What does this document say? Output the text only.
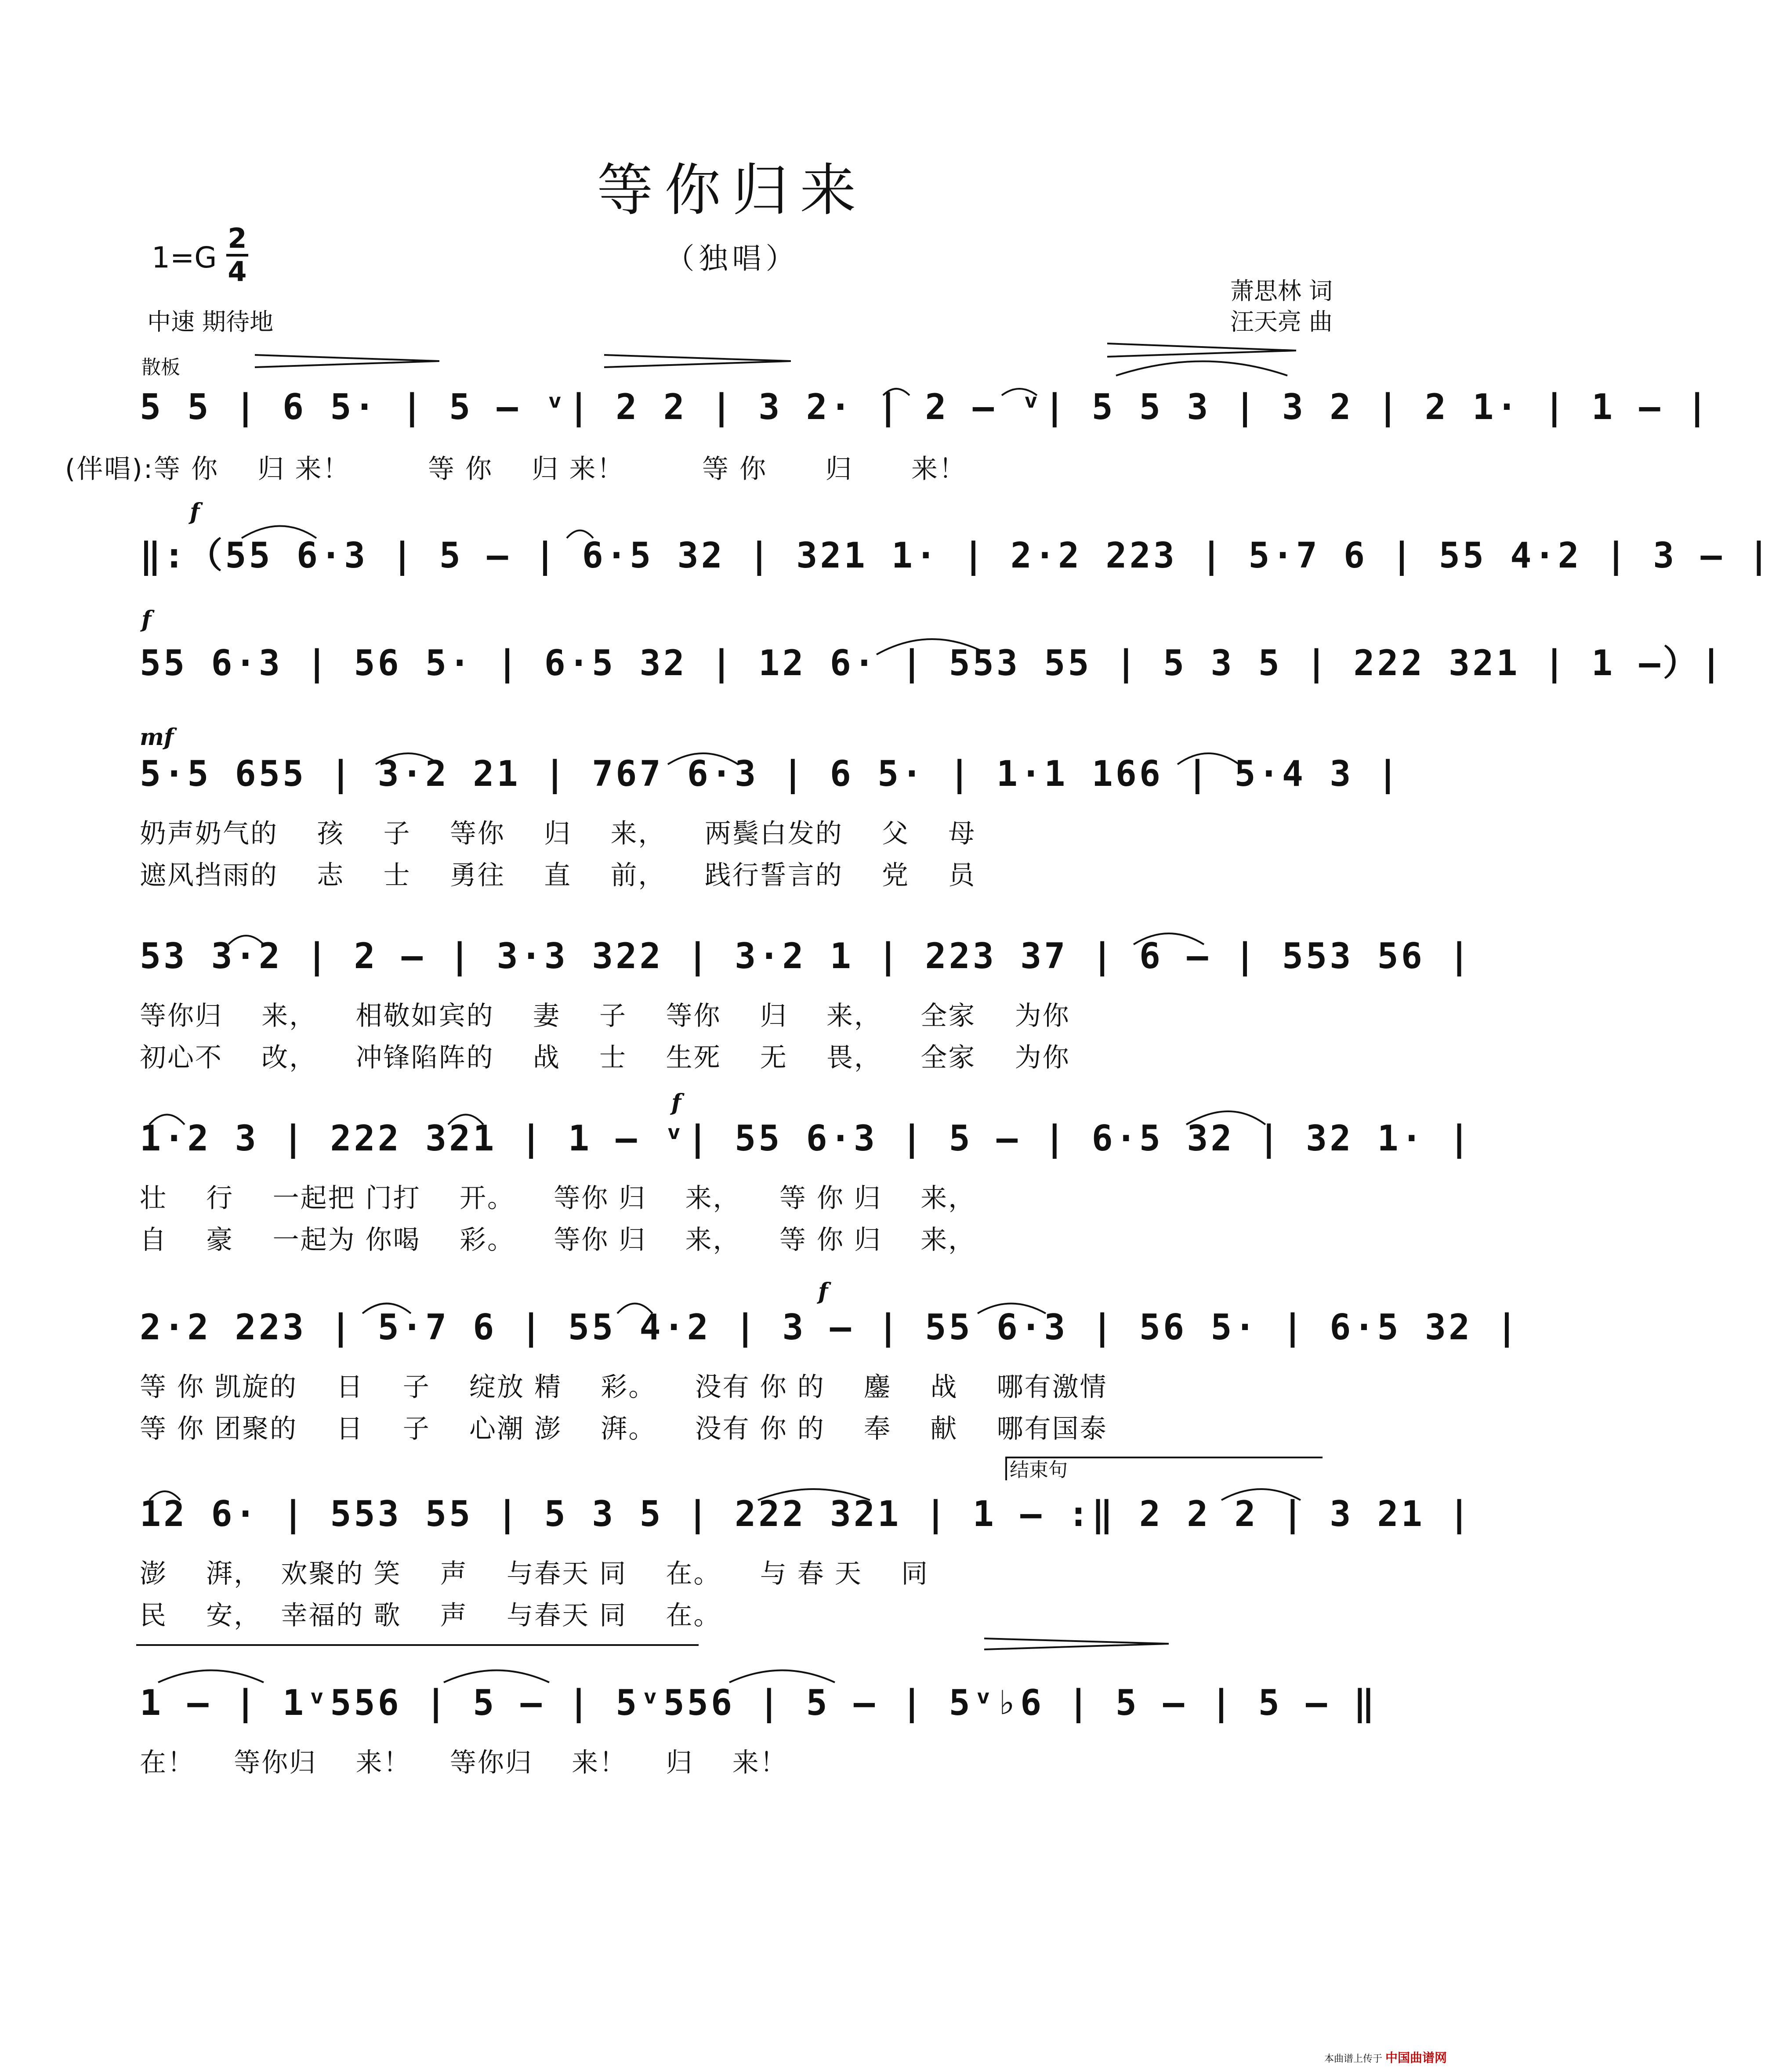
等你归来
（独唱）
1=G
2
4
中速 期待地
萧思林 词
汪天亮 曲
散板
结束句
f
f
mf
f
f
5 5 | 6 5· | 5 – ᵛ| 2 2 | 3 2· | 2 – ᵛ| 5 5 3 | 3 2 | 2 1· | 1 – |
(伴唱):等 你    归 来！        等 你    归 来！        等 你      归      来！
‖:（55 6·3 | 5 – | 6·5 32 | 321 1· | 2·2 223 | 5·7 6 | 55 4·2 | 3 – |
55 6·3 | 56 5· | 6·5 32 | 12 6· | 553 55 | 5 3 5 | 222 321 | 1 –）|
5·5 655 | 3·2 21 | 767 6·3 | 6 5· | 1·1 166 | 5·4 3 |
奶声奶气的    孩    子    等你    归    来，    两鬓白发的    父    母
遮风挡雨的    志    士    勇往    直    前，    践行誓言的    党    员
53 3·2 | 2 – | 3·3 322 | 3·2 1 | 223 37 | 6 – | 553 56 |
等你归    来，    相敬如宾的    妻    子    等你    归    来，    全家    为你
初心不    改，    冲锋陷阵的    战    士    生死    无    畏，    全家    为你
1·2 3 | 222 321 | 1 – ᵛ| 55 6·3 | 5 – | 6·5 32 | 32 1· |
壮    行    一起把 门打    开。    等你 归    来，    等 你 归    来，
自    豪    一起为 你喝    彩。    等你 归    来，    等 你 归    来，
2·2 223 | 5·7 6 | 55 4·2 | 3 – | 55 6·3 | 56 5· | 6·5 32 |
等 你 凯旋的    日    子    绽放 精    彩。    没有 你 的    鏖    战    哪有激情
等 你 团聚的    日    子    心潮 澎    湃。    没有 你 的    奉    献    哪有国泰
12 6· | 553 55 | 5 3 5 | 222 321 | 1 – :‖ 2 2 2 | 3 21 |
澎    湃，  欢聚的 笑    声    与春天 同    在。    与 春 天    同
民    安，  幸福的 歌    声    与春天 同    在。
1 – | 1ᵛ556 | 5 – | 5ᵛ556 | 5 – | 5ᵛ♭6 | 5 – | 5 – ‖
在！    等你归    来！    等你归    来！    归    来！
本曲谱上传于 中国曲谱网
